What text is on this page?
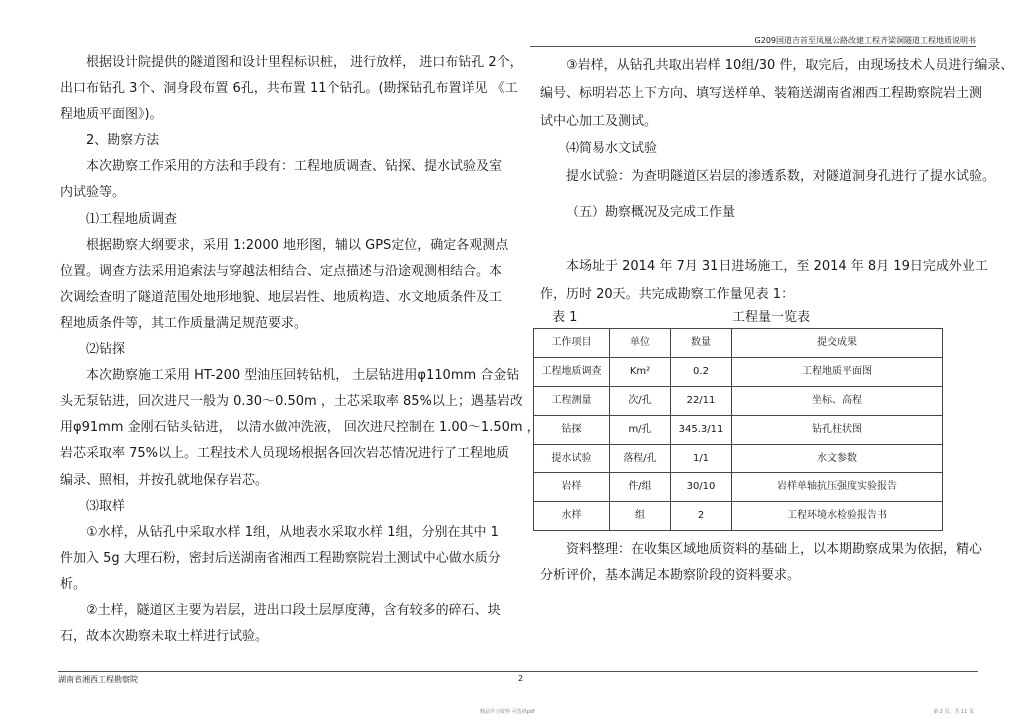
G209国道吉首至凤凰公路改建工程齐梁洞隧道工程地质说明书

根据设计院提供的隧道图和设计里程标识桩， 进行放样， 进口布钻孔 2个，

出口布钻孔 3个、洞身段布置 6孔，共布置 11个钻孔。(勘探钻孔布置详见 《工

程地质平面图》)。

2、勘察方法

本次勘察工作采用的方法和手段有：工程地质调查、钻探、提水试验及室

内试验等。

⑴工程地质调查

根据勘察大纲要求，采用 1:2000 地形图，辅以 GPS定位，确定各观测点

位置。调查方法采用追索法与穿越法相结合、定点描述与沿途观测相结合。本

次调绘查明了隧道范围处地形地貌、地层岩性、地质构造、水文地质条件及工

程地质条件等，其工作质量满足规范要求。

⑵钻探

本次勘察施工采用 HT-200 型油压回转钻机， 土层钻进用φ110mm 合金钻

头无泵钻进，回次进尺一般为 0.30～0.50m ，土芯采取率 85%以上；遇基岩改

用φ91mm 金刚石钻头钻进， 以清水做冲洗液， 回次进尺控制在 1.00～1.50m ，

岩芯采取率 75%以上。工程技术人员现场根据各回次岩芯情况进行了工程地质

编录、照相，并按孔就地保存岩芯。

⑶取样

①水样，从钻孔中采取水样 1组，从地表水采取水样 1组，分别在其中 1

件加入 5g 大理石粉，密封后送湖南省湘西工程勘察院岩土测试中心做水质分

析。

②土样，隧道区主要为岩层，进出口段土层厚度薄，含有较多的碎石、块

石，故本次勘察未取土样进行试验。

③岩样，从钻孔共取出岩样 10组/30 件，取完后，由现场技术人员进行编录、

编号、标明岩芯上下方向、填写送样单、装箱送湖南省湘西工程勘察院岩土测

试中心加工及测试。

⑷简易水文试验

提水试验：为查明隧道区岩层的渗透系数，对隧道洞身孔进行了提水试验。

（五）勘察概况及完成工作量

本场址于 2014 年 7月 31日进场施工，至 2014 年 8月 19日完成外业工

作，历时 20天。共完成勘察工作量见表 1：

表 1	工程量一览表
工作项目	单位	数量	提交成果
工程地质调查	Km²	0.2	工程地质平面图
工程测量	次/孔	22/11	坐标、高程
钻探	m/孔	345.3/11	钻孔柱状图
提水试验	落程/孔	1/1	水文参数
岩样	件/组	30/10	岩样单轴抗压强度实验报告
水样	组	2	工程环境水检验报告书

资料整理：在收集区域地质资料的基础上，以本期勘察成果为依据，精心

分析评价，基本满足本勘察阶段的资料要求。

湖南省湘西工程勘察院	2
精品学习资料 可选择pdf	第 2 页，共 11 页
